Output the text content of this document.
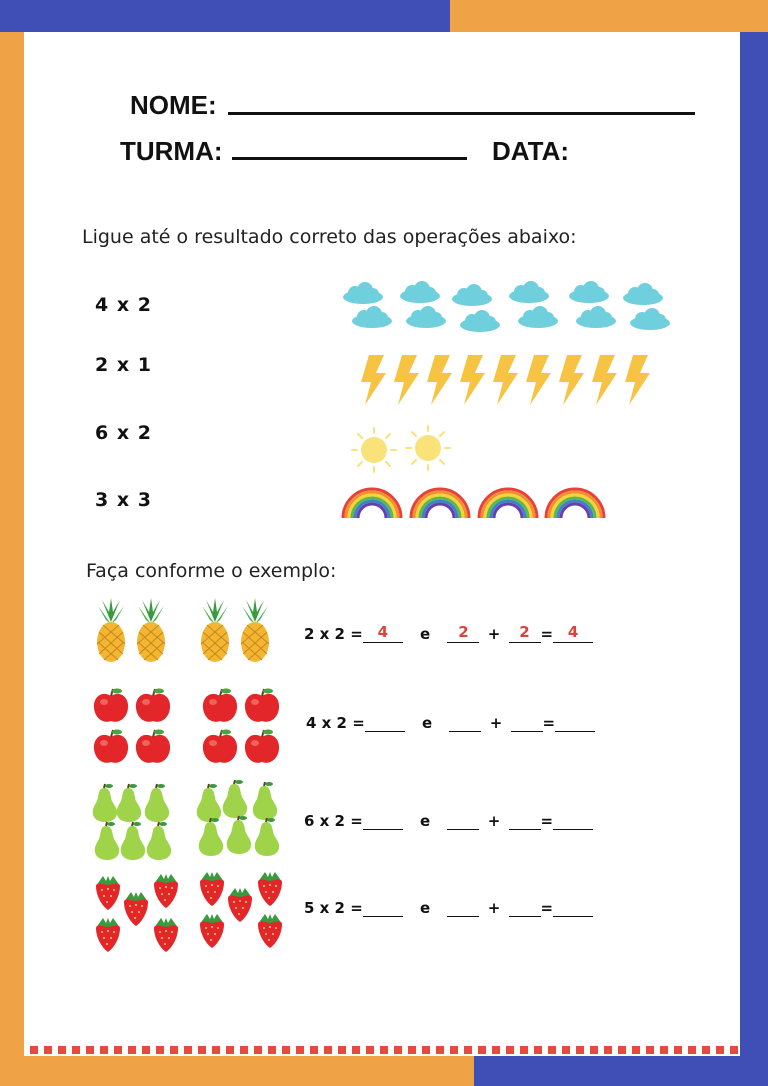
NOME:
TURMA:	DATA:
Ligue até o resultado correto das operações abaixo:
4 x 2
2 x 1
6 x 2
3 x 3
Faça conforme o exemplo:
2 x 2 = 4 e 2 + 2 = 4
4 x 2 =	e	+	=
6 x 2 =	e	+	=
5 x 2 =	e	+	=
